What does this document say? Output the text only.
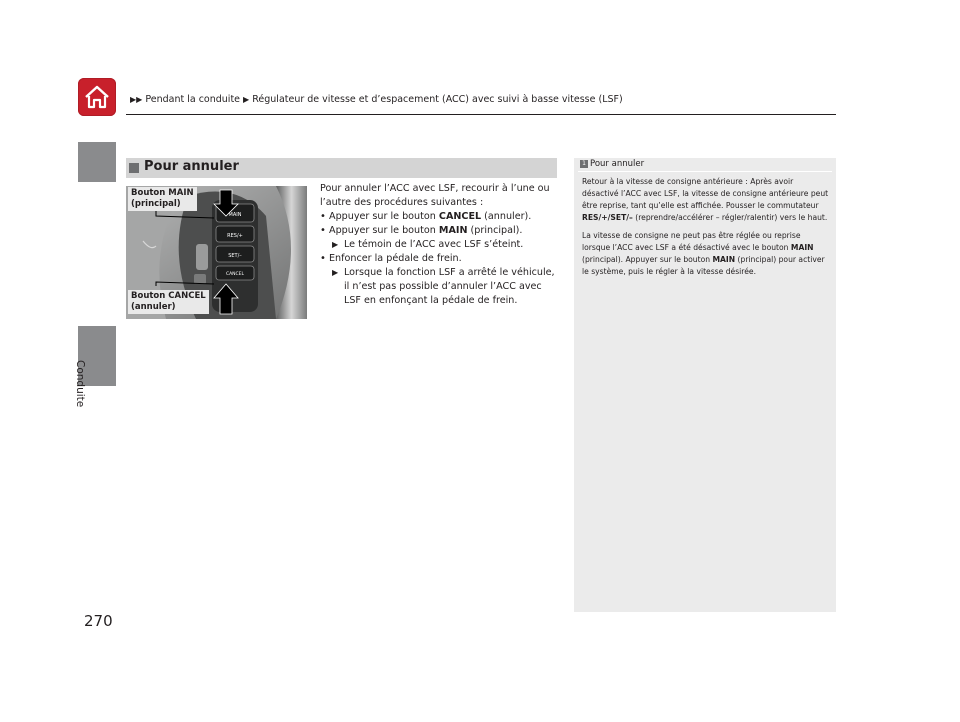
▶▶ Pendant la conduite ▶ Régulateur de vitesse et d’espacement (ACC) avec suivi à basse vitesse (LSF)
Conduite
270
Pour annuler
MAIN
RES/+
SET/–
CANCEL
Bouton MAIN
(principal)
Bouton CANCEL
(annuler)

Pour annuler l’ACC avec LSF, recourir à l’une ou l’autre des procédures suivantes :

• Appuyer sur le bouton CANCEL (annuler).

• Appuyer sur le bouton MAIN (principal).

▶ Le témoin de l’ACC avec LSF s’éteint.

• Enfoncer la pédale de frein.

▶ Lorsque la fonction LSF a arrêté le véhicule, il n’est pas possible d’annuler l’ACC avec LSF en enfonçant la pédale de frein.

1 Pour annuler

Retour à la vitesse de consigne antérieure : Après avoir désactivé l’ACC avec LSF, la vitesse de consigne antérieure peut être reprise, tant qu’elle est affichée. Pousser le commutateur RES/+/SET/– (reprendre/accélérer – régler/ralentir) vers le haut.

La vitesse de consigne ne peut pas être réglée ou reprise lorsque l’ACC avec LSF a été désactivé avec le bouton MAIN (principal). Appuyer sur le bouton MAIN (principal) pour activer le système, puis le régler à la vitesse désirée.
